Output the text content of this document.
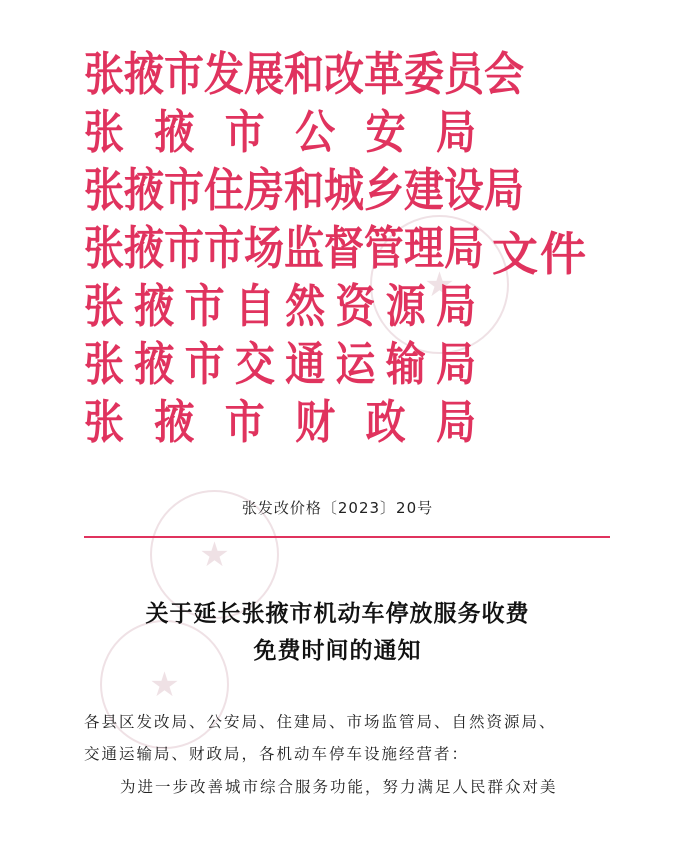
★
★
★
张 掖 市 发 展 和 改 革 委 员 会
张 掖 市 公 安 局
张 掖 市 住 房 和 城 乡 建 设 局
张 掖 市 市 场 监 督 管 理 局
张 掖 市 自 然 资 源 局
张 掖 市 交 通 运 输 局
张 掖 市 财 政 局
文件
张发改价格〔2023〕20号
关于延长张掖市机动车停放服务收费
免费时间的通知
各县区发改局、公安局、住建局、市场监管局、自然资源局、
交通运输局、财政局，各机动车停车设施经营者：
为进一步改善城市综合服务功能，努力满足人民群众对美
